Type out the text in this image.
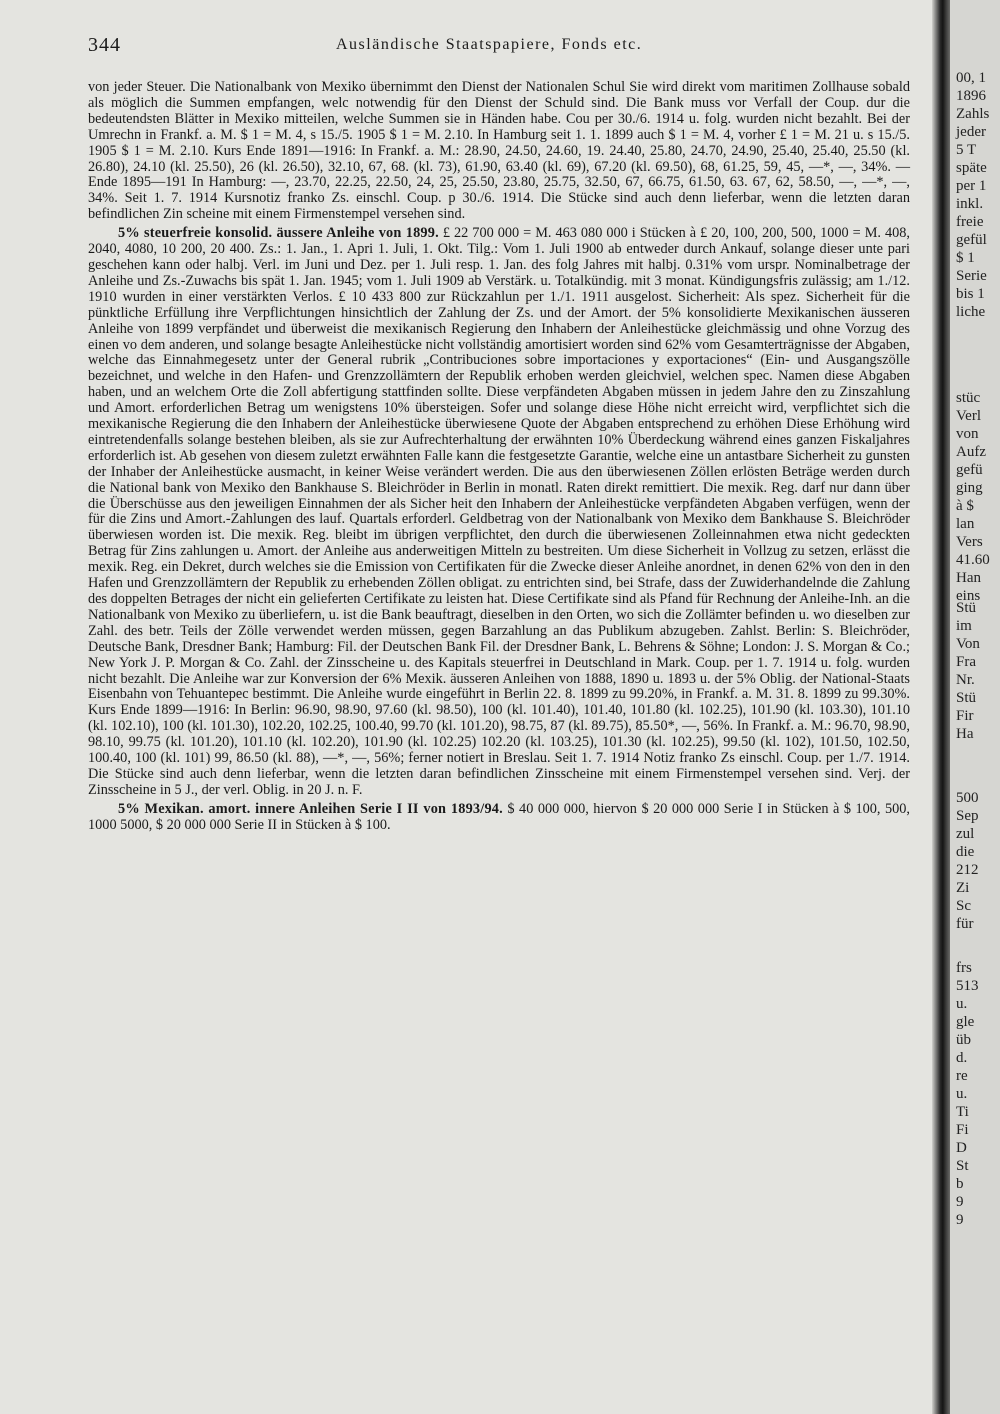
344	Ausländische Staatspapiere, Fonds etc.

von jeder Steuer. Die Nationalbank von Mexiko übernimmt den Dienst der Nationalen Schul Sie wird direkt vom maritimen Zollhause sobald als möglich die Summen empfangen, welc notwendig für den Dienst der Schuld sind. Die Bank muss vor Verfall der Coup. dur die bedeutendsten Blätter in Mexiko mitteilen, welche Summen sie in Händen habe. Cou per 30./6. 1914 u. folg. wurden nicht bezahlt. Bei der Umrechn in Frankf. a. M. $ 1 = M. 4, s 15./5. 1905 $ 1 = M. 2.10. In Hamburg seit 1. 1. 1899 auch $ 1 = M. 4, vorher £ 1 = M. 21 u. s 15./5. 1905 $ 1 = M. 2.10. Kurs Ende 1891—1916: In Frankf. a. M.: 28.90, 24.50, 24.60, 19. 24.40, 25.80, 24.70, 24.90, 25.40, 25.40, 25.50 (kl. 26.80), 24.10 (kl. 25.50), 26 (kl. 26.50), 32.10, 67, 68. (kl. 73), 61.90, 63.40 (kl. 69), 67.20 (kl. 69.50), 68, 61.25, 59, 45, —*, —, 34%. — Ende 1895—191 In Hamburg: —, 23.70, 22.25, 22.50, 24, 25, 25.50, 23.80, 25.75, 32.50, 67, 66.75, 61.50, 63. 67, 62, 58.50, —, —*, —, 34%. Seit 1. 7. 1914 Kursnotiz franko Zs. einschl. Coup. p 30./6. 1914. Die Stücke sind auch denn lieferbar, wenn die letzten daran befindlichen Zin scheine mit einem Firmenstempel versehen sind.

5% steuerfreie konsolid. äussere Anleihe von 1899. £ 22 700 000 = M. 463 080 000 i Stücken à £ 20, 100, 200, 500, 1000 = M. 408, 2040, 4080, 10 200, 20 400. Zs.: 1. Jan., 1. Apri 1. Juli, 1. Okt. Tilg.: Vom 1. Juli 1900 ab entweder durch Ankauf, solange dieser unte pari geschehen kann oder halbj. Verl. im Juni und Dez. per 1. Juli resp. 1. Jan. des folg Jahres mit halbj. 0.31% vom urspr. Nominalbetrage der Anleihe und Zs.-Zuwachs bis spät 1. Jan. 1945; vom 1. Juli 1909 ab Verstärk. u. Totalkündig. mit 3 monat. Kündigungsfris zulässig; am 1./12. 1910 wurden in einer verstärkten Verlos. £ 10 433 800 zur Rückzahlun per 1./1. 1911 ausgelost. Sicherheit: Als spez. Sicherheit für die pünktliche Erfüllung ihre Verpflichtungen hinsichtlich der Zahlung der Zs. und der Amort. der 5% konsolidierte Mexikanischen äusseren Anleihe von 1899 verpfändet und überweist die mexikanisch Regierung den Inhabern der Anleihestücke gleichmässig und ohne Vorzug des einen vo dem anderen, und solange besagte Anleihestücke nicht vollständig amortisiert worden sind 62% vom Gesamterträgnisse der Abgaben, welche das Einnahmegesetz unter der General rubrik „Contribuciones sobre importaciones y exportaciones“ (Ein- und Ausgangszölle bezeichnet, und welche in den Hafen- und Grenzzollämtern der Republik erhoben werden gleichviel, welchen spec. Namen diese Abgaben haben, und an welchem Orte die Zoll abfertigung stattfinden sollte. Diese verpfändeten Abgaben müssen in jedem Jahre den zu Zinszahlung und Amort. erforderlichen Betrag um wenigstens 10% übersteigen. Sofer und solange diese Höhe nicht erreicht wird, verpflichtet sich die mexikanische Regierung die den Inhabern der Anleihestücke überwiesene Quote der Abgaben entsprechend zu erhöhen Diese Erhöhung wird eintretendenfalls solange bestehen bleiben, als sie zur Aufrechterhaltung der erwähnten 10% Überdeckung während eines ganzen Fiskaljahres erforderlich ist. Ab gesehen von diesem zuletzt erwähnten Falle kann die festgesetzte Garantie, welche eine un antastbare Sicherheit zu gunsten der Inhaber der Anleihestücke ausmacht, in keiner Weise verändert werden. Die aus den überwiesenen Zöllen erlösten Beträge werden durch die National bank von Mexiko den Bankhause S. Bleichröder in Berlin in monatl. Raten direkt remittiert. Die mexik. Reg. darf nur dann über die Überschüsse aus den jeweiligen Einnahmen der als Sicher heit den Inhabern der Anleihestücke verpfändeten Abgaben verfügen, wenn der für die Zins und Amort.-Zahlungen des lauf. Quartals erforderl. Geldbetrag von der Nationalbank von Mexiko dem Bankhause S. Bleichröder überwiesen worden ist. Die mexik. Reg. bleibt im übrigen verpflichtet, den durch die überwiesenen Zolleinnahmen etwa nicht gedeckten Betrag für Zins zahlungen u. Amort. der Anleihe aus anderweitigen Mitteln zu bestreiten. Um diese Sicherheit in Vollzug zu setzen, erlässt die mexik. Reg. ein Dekret, durch welches sie die Emission von Certifikaten für die Zwecke dieser Anleihe anordnet, in denen 62% von den in den Hafen und Grenzzollämtern der Republik zu erhebenden Zöllen obligat. zu entrichten sind, bei Strafe, dass der Zuwiderhandelnde die Zahlung des doppelten Betrages der nicht ein gelieferten Certifikate zu leisten hat. Diese Certifikate sind als Pfand für Rechnung der Anleihe-Inh. an die Nationalbank von Mexiko zu überliefern, u. ist die Bank beauftragt, dieselben in den Orten, wo sich die Zollämter befinden u. wo dieselben zur Zahl. des betr. Teils der Zölle verwendet werden müssen, gegen Barzahlung an das Publikum abzugeben. Zahlst. Berlin: S. Bleichröder, Deutsche Bank, Dresdner Bank; Hamburg: Fil. der Deutschen Bank Fil. der Dresdner Bank, L. Behrens & Söhne; London: J. S. Morgan & Co.; New York J. P. Morgan & Co. Zahl. der Zinsscheine u. des Kapitals steuerfrei in Deutschland in Mark. Coup. per 1. 7. 1914 u. folg. wurden nicht bezahlt. Die Anleihe war zur Konversion der 6% Mexik. äusseren Anleihen von 1888, 1890 u. 1893 u. der 5% Oblig. der National-Staats Eisenbahn von Tehuantepec bestimmt. Die Anleihe wurde eingeführt in Berlin 22. 8. 1899 zu 99.20%, in Frankf. a. M. 31. 8. 1899 zu 99.30%. Kurs Ende 1899—1916: In Berlin: 96.90, 98.90, 97.60 (kl. 98.50), 100 (kl. 101.40), 101.40, 101.80 (kl. 102.25), 101.90 (kl. 103.30), 101.10 (kl. 102.10), 100 (kl. 101.30), 102.20, 102.25, 100.40, 99.70 (kl. 101.20), 98.75, 87 (kl. 89.75), 85.50*, —, 56%. In Frankf. a. M.: 96.70, 98.90, 98.10, 99.75 (kl. 101.20), 101.10 (kl. 102.20), 101.90 (kl. 102.25) 102.20 (kl. 103.25), 101.30 (kl. 102.25), 99.50 (kl. 102), 101.50, 102.50, 100.40, 100 (kl. 101) 99, 86.50 (kl. 88), —*, —, 56%; ferner notiert in Breslau. Seit 1. 7. 1914 Notiz franko Zs einschl. Coup. per 1./7. 1914. Die Stücke sind auch denn lieferbar, wenn die letzten daran befindlichen Zinsscheine mit einem Firmenstempel versehen sind. Verj. der Zinsscheine in 5 J., der verl. Oblig. in 20 J. n. F.

5% Mexikan. amort. innere Anleihen Serie I II von 1893/94. $ 40 000 000, hiervon $ 20 000 000 Serie I in Stücken à $ 100, 500, 1000 5000, $ 20 000 000 Serie II in Stücken à $ 100.

00, 1
1896
Zahls
jeder
5 T
späte
per 1
inkl.
freie
gefül
$ 1
Serie
bis 1
liche
stüc
Verl
von
Aufz
gefü
ging
à $
lan
Vers
41.60
Han
eins
Stü
im
Von
Fra
Nr.
Stü
Fir
Ha
500
Sep
zul
die
212
Zi
Sc
für
frs
513
u.
gle
üb
d.
re
u.
Ti
Fi
D
St
b
9
9
